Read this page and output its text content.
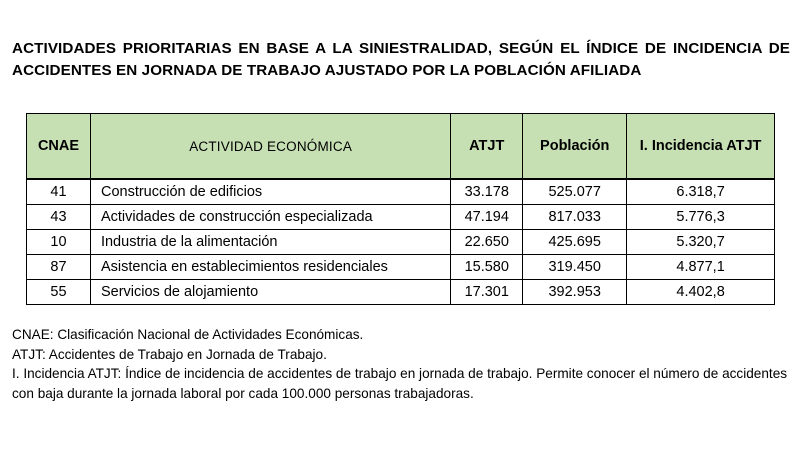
ACTIVIDADES PRIORITARIAS EN BASE A LA SINIESTRALIDAD, SEGÚN EL ÍNDICE DE INCIDENCIA DE
ACCIDENTES EN JORNADA DE TRABAJO AJUSTADO POR LA POBLACIÓN AFILIADA
CNAE	ACTIVIDAD ECONÓMICA	ATJT	Población	I. Incidencia ATJT
41	Construcción de edificios	33.178	525.077	6.318,7
43	Actividades de construcción especializada	47.194	817.033	5.776,3
10	Industria de la alimentación	22.650	425.695	5.320,7
87	Asistencia en establecimientos residenciales	15.580	319.450	4.877,1
55	Servicios de alojamiento	17.301	392.953	4.402,8

CNAE: Clasificación Nacional de Actividades Económicas.

ATJT: Accidentes de Trabajo en Jornada de Trabajo.

I. Incidencia ATJT: Índice de incidencia de accidentes de trabajo en jornada de trabajo. Permite conocer el número de accidentes con baja durante la jornada laboral por cada 100.000 personas trabajadoras.
